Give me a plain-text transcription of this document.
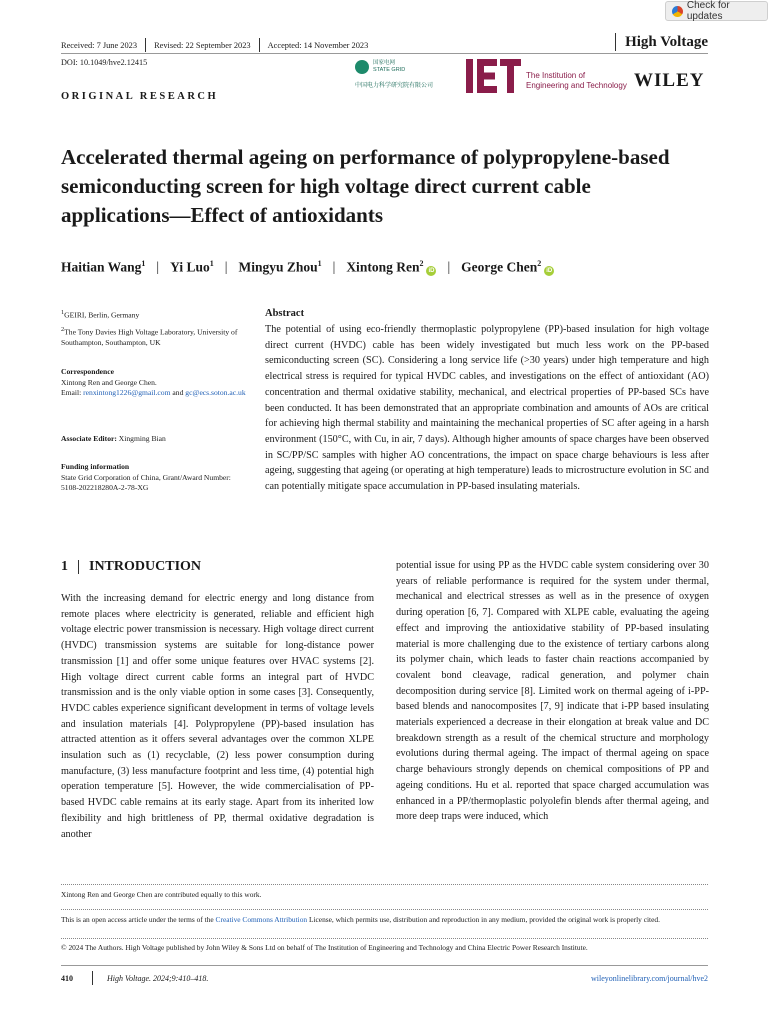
Check for updates
Received: 7 June 2023 Revised: 22 September 2023 Accepted: 14 November 2023	High Voltage
DOI: 10.1049/hve2.12415
ORIGINAL RESEARCH
国家电网
STATE GRID
中国电力科学研究院有限公司
The Institution of
Engineering and Technology WILEY
Accelerated thermal ageing on performance of polypropylene-based semiconducting screen for high voltage direct current cable applications—Effect of antioxidants
Haitian Wang$^1$ | Yi Luo$^1$ | Mingyu Zhou$^1$ | Xintong Ren$^2$iD | George Chen$^2$iD
$^1$GEIRI, Berlin, Germany
$^2$The Tony Davies High Voltage Laboratory, University of Southampton, Southampton, UK
Correspondence
Xintong Ren and George Chen.
Email: renxintong1226@gmail.com and gc@ecs.soton.ac.uk
Associate Editor: Xingming Bian
Funding information
State Grid Corporation of China, Grant/Award Number: 5108-202218280A-2-78-XG
Abstract
The potential of using eco-friendly thermoplastic polypropylene (PP)-based insulation for high voltage direct current (HVDC) cable has been widely investigated but much less work on the PP-based semiconducting screen (SC). Considering a long service life (>30 years) under high temperature and high electrical stress is required for typical HVDC cables, and investigations on the effect of antioxidant (AO) concentration and thermal oxidative stability, mechanical, and electrical properties of PP-based SCs have been conducted. It has been demonstrated that an appropriate combination and amounts of AOs are critical for achieving high thermal stability and maintaining the mechanical properties of SC after ageing in a harsh environment (150°C, with Cu, in air, 7 days). Although higher amounts of space charges have been observed in SC/PP/SC samples with higher AO concentrations, the impact on space charge behaviours is less after ageing, suggesting that ageing (or operating at high temperature) leads to microstructure evolution in SC and can potentially mitigate space accumulation in PP-based insulating materials.
1 INTRODUCTION
With the increasing demand for electric energy and long distance from remote places where electricity is generated, reliable and efficient high voltage electric power transmission is necessary. High voltage direct current (HVDC) transmission systems are suitable for long-distance power transmission [1] and offer some unique features over HVAC systems [2]. High voltage direct current cable forms an integral part of HVDC transmission and is the only viable option in some cases [3]. Consequently, HVDC cables experience significant development in terms of voltage levels and insulation materials [4]. Polypropylene (PP)-based insulation has attracted attention as it offers several advantages over the common XLPE insulation such as (1) recyclable, (2) less power consumption during manufacture, (3) less manufacture footprint and less time, (4) potential high operation temperature [5]. However, the wide commercialisation of PP-based HVDC cable remains at its early stage. Apart from its inherited low flexibility and high brittleness of PP, thermal oxidative degradation is another
potential issue for using PP as the HVDC cable system considering over 30 years of reliable performance is required for the system under thermal, mechanical and electrical stresses as well as in the presence of oxygen during operation [6, 7]. Compared with XLPE cable, evaluating the ageing effect and improving the antioxidative stability of PP-based insulating material is more challenging due to the existence of tertiary carbons along its polymer chain, which leads to faster chain reactions accompanied by covalent bond cleavage, radical generation, and polymer chain decomposition during service [8]. Limited work on thermal ageing of i-PP-based blends and nanocomposites [7, 9] indicate that i-PP based insulating materials experienced a decrease in their elongation at break value and DC breakdown strength as a result of the chemical structure and morphology evolutions during thermal ageing. The impact of thermal ageing on space charge behaviours strongly depends on chemical compositions of PP and ageing conditions. Hu et al. reported that space charged accumulation was enhanced in a PP/thermoplastic polyolefin blends after thermal ageing, and more deep traps were induced, which
Xintong Ren and George Chen are contributed equally to this work.
This is an open access article under the terms of the Creative Commons Attribution License, which permits use, distribution and reproduction in any medium, provided the original work is properly cited.
© 2024 The Authors. High Voltage published by John Wiley & Sons Ltd on behalf of The Institution of Engineering and Technology and China Electric Power Research Institute.
410	High Voltage. 2024;9:410–418.	wileyonlinelibrary.com/journal/hve2
